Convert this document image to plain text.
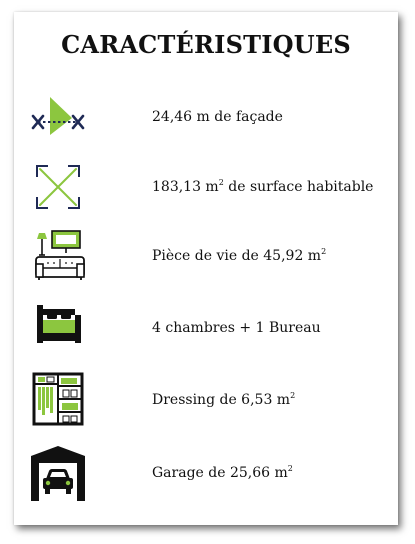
CARACTÉRISTIQUES
24,46 m de façade
183,13 $m^2$ de surface habitable
Pièce de vie de 45,92 $m^2$
4 chambres + 1 Bureau
Dressing de 6,53 $m^2$
Garage de 25,66 $m^2$
